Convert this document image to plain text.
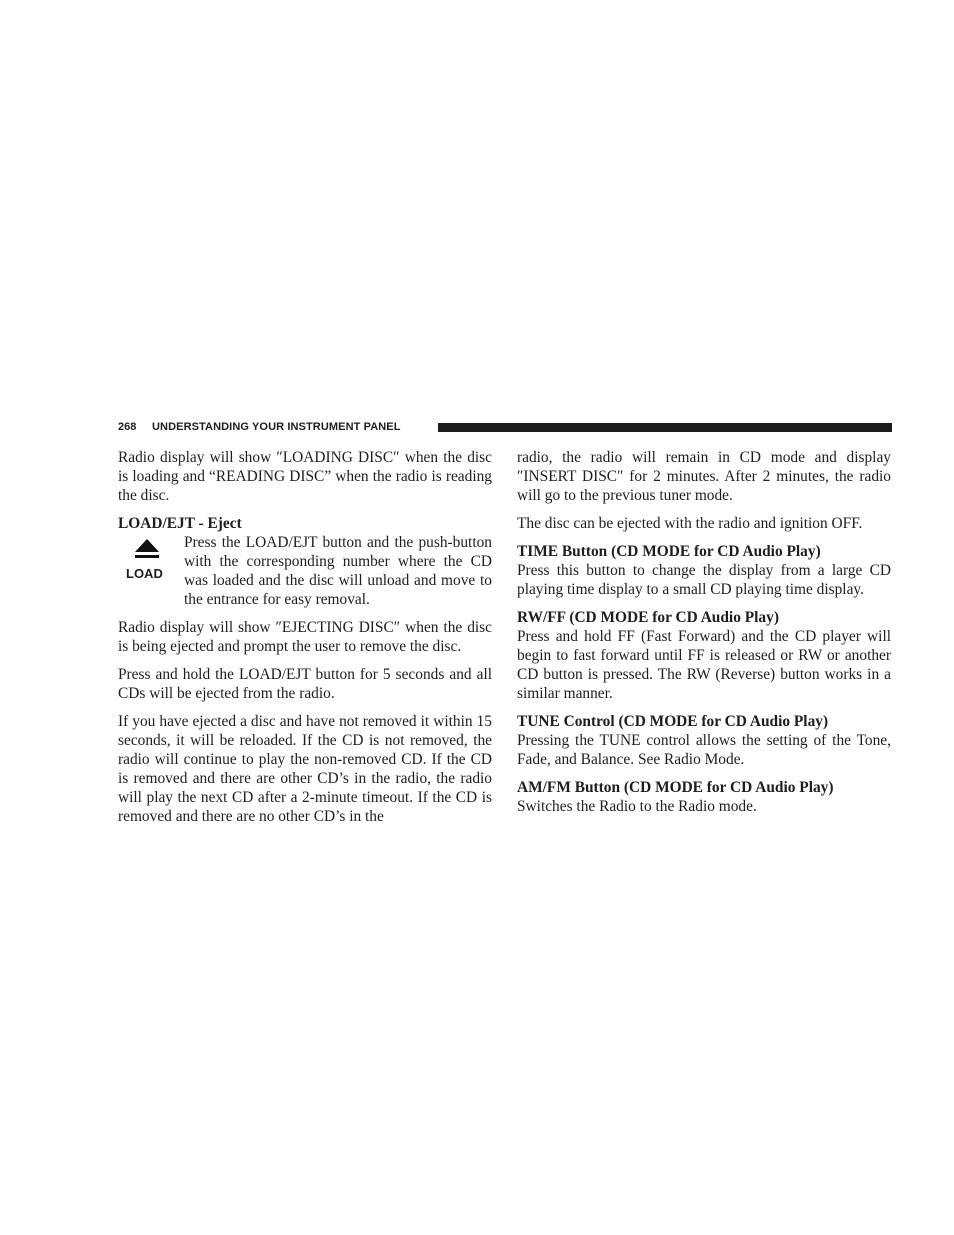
268 UNDERSTANDING YOUR INSTRUMENT PANEL

Radio display will show ″LOADING DISC″ when the disc is loading and “READING DISC” when the radio is reading the disc.

LOAD/EJT - Eject
LOAD

Press the LOAD/EJT button and the push-button with the corresponding number where the CD was loaded and the disc will unload and move to the entrance for easy removal.

Radio display will show ″EJECTING DISC″ when the disc is being ejected and prompt the user to remove the disc.

Press and hold the LOAD/EJT button for 5 seconds and all CDs will be ejected from the radio.

If you have ejected a disc and have not removed it within 15 seconds, it will be reloaded. If the CD is not removed, the radio will continue to play the non-removed CD. If the CD is removed and there are other CD’s in the radio, the radio will play the next CD after a 2-minute timeout. If the CD is removed and there are no other CD’s in the

radio, the radio will remain in CD mode and display ″INSERT DISC″ for 2 minutes. After 2 minutes, the radio will go to the previous tuner mode.

The disc can be ejected with the radio and ignition OFF.

TIME Button (CD MODE for CD Audio Play)

Press this button to change the display from a large CD playing time display to a small CD playing time display.

RW/FF (CD MODE for CD Audio Play)

Press and hold FF (Fast Forward) and the CD player will begin to fast forward until FF is released or RW or another CD button is pressed. The RW (Reverse) button works in a similar manner.

TUNE Control (CD MODE for CD Audio Play)

Pressing the TUNE control allows the setting of the Tone, Fade, and Balance. See Radio Mode.

AM/FM Button (CD MODE for CD Audio Play)

Switches the Radio to the Radio mode.
